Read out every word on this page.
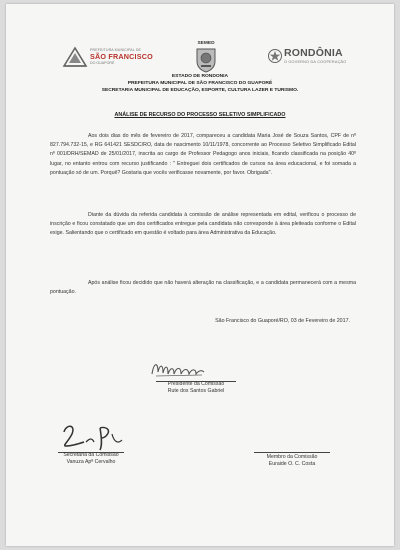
PREFEITURA MUNICIPAL DE
SÃO FRANCISCO
DO GUAPORÉ
SEMED
RONDÔNIA
O GOVERNO DA COOPERAÇÃO
ESTADO DE RONDONIA
PREFEITURA MUNICIPAL DE SÃO FRANCISCO DO GUAPORÉ
SECRETARIA MUNICIPAL DE EDUCAÇÃO, ESPORTE, CULTURA LAZER E TURISMO.
ANÁLISE DE RECURSO DO PROCESSO SELETIVO SIMPLIFICADO
Aos dois dias do mês de fevereiro de 2017, compareceu a candidata Maria José de Souza Santos, CPF de nº 827.794.732-15, e RG 641421 SESDC/RO, data de nascimento 10/11/1978, concorrente ao Processo Seletivo Simplificado Edital nº 001/DRH/SEMAD de 25/01/2017, inscrita ao cargo de Professor Pedagogo anos iniciais, ficando classificada na posição 40º lugar, no entanto entrou com recurso justificando : " Entreguei dois certificados de cursos na área educacional, e foi somada a pontuação só de um. Porquê? Gostaria que vocês verificasse novamente, por favor. Obrigada".
Diante da dúvida da referida candidata à comissão de análise representada em edital, verificou o processo de inscrição e ficou constatado que um dos certificados entregue pela candidata não corresponde à área pleiteada conforme o Edital exige. Salientando que o certificado em questão é voltado para área Administrativa da Educação.
Após análise ficou decidido que não haverá alteração na classificação, e a candidata permanecerá com a mesma pontuação.
São Francisco do Guaporé/RO, 03 de Fevereiro de 2017.
Presidente da Comissão
Rute dos Santos Gabriel
Secretária da Comissão
Vanuza Apª Cervalho
Membro da Comissão
Euraide O. C. Costa
